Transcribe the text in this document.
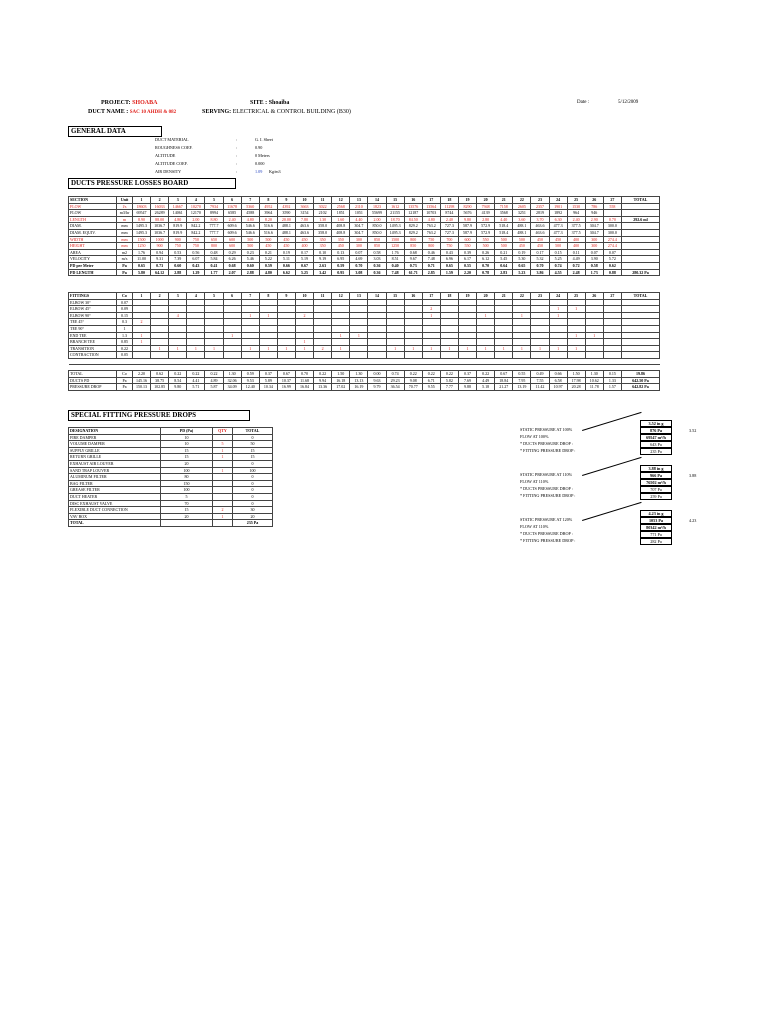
PROJECT: SHOABA
DUCT NAME : SAC 10 AHDH & 082
SITE : Shoaiba
SERVING: ELECTRICAL & CONTROL BUILDING (B30)
Date :	5/12/2009
GENERAL DATA
DUCT MATERIAL	:	G. I. Sheet
ROUGHNESS COEF.	:	0.90
ALTITUDE	:	0 Meters
ALTITUDE COEF.	:	0.000
AIR DENSITY	:	1.09 Kg/m3
DUCTS PRESSURE LOSSES BOARD
SECTION	Unit	1	2	3	4	5	6	7	8	9	10	11	12	13	14	15	16	17	18	19	20	21	22	23	24	25	26	27	TOTAL
FLOW	l/s	18603	16033	14667	10270	7934	11678	5360	4952	4392	3663	3022	2568	2110	1823	1612	13576	13564	11298	8290	7948	7158	2605	2357	1901	1530	786	558	
FLOW	m3/hr	69547	26289	14061	12170	8994	6585	4588	3964	3590	3154	2102	1851	1051	55699	21155	12187	10703	8744	5676	4139	3568	3251	2819	1892	964	946		
LENGTH	m	8.90	88.00	4.80	2.00	8.80	2.40	4.80	8.20	20.00	7.80	1.30	1.60	4.40	2.00	18.70	84.50	4.80	2.40	9.80	2.80	4.40	3.60	3.70	6.30	2.40	2.90	0.70	292.6 ml
DIAM.	mm	1495.3	1036.7	819.9	842.2	777.7	609.6	546.6	516.6	488.1	463.6	358.0	408.8	304.7	850.0	1495.3	829.2	763.2	727.3	587.9	572.9	518.4	488.1	463.6	477.3	377.5	304.7	300.0	
DIAM. EQUIV.	mm	1495.3	1036.7	819.9	842.2	777.7	609.6	546.6	516.6	488.1	463.6	358.0	408.8	304.7	850.0	1495.3	829.2	763.2	727.3	587.9	572.9	518.4	488.1	463.6	477.3	377.5	304.7	300.0	
WIDTH	mm	1500	1000	900	750	650	600	500	500	450	450	350	350	300	850	1500	800	750	700	600	550	500	500	450	450	400	300	274.4	
HEIGHT	mm	1250	900	750	750	800	600	500	450	450	400	350	450	300	850	1250	850	800	750	550	500	500	450	450	500	400	300	274.4	
AREA	m2	1.76	0.94	0.53	0.56	0.48	0.29	0.23	0.21	0.19	0.17	0.10	0.13	0.07	0.58	1.76	0.68	0.46	0.43	0.39	0.26	0.21	0.19	0.17	0.15	0.11	0.07	0.07	
VELOCITY	m/s	11.00	9.31	7.39	6.07	5.84	6.26	5.46	5.22	5.11	5.19	9.19	6.95	4.69	3.03	8.51	9.67	7.48	6.96	6.17	6.12	5.45	5.30	5.32	5.25	4.49	3.90	5.72	
PD per Meter	Pa	0.65	0.73	0.60	0.43	0.41	0.68	0.60	0.59	0.66	0.67	2.63	0.59	0.70	0.36	0.40	0.73	0.71	0.65	0.55	0.70	0.64	0.65	0.70	0.74	0.72	0.58	0.62	
PD LENGTH	Pa	5.80	64.12	2.88	1.29	1.77	2.07	2.88	4.80	6.62	5.25	3.42	0.95	3.08	0.36	7.48	61.71	2.85	1.59	2.20	0.78	2.83	5.23	3.86	4.55	2.48	1.73	0.88	280.32 Pa
FITTINGS	Co	1	2	3	4	5	6	7	8	9	10	11	12	13	14	15	16	17	18	19	20	21	22	23	24	25	26	27	TOTAL
ELBOW 30°	0.07																												
ELBOW 45°	0.09																	2							1	1			
ELBOW 90°	0.15			4				1	1		2							1			1		1		1				
TEE 45°	0.3	2																											
TEE 90°	1																												
END TEE	1.3	1					1						1	1												1	1		
BRANCH TEE	0.85	1									1																		
TRANSITION	0.22		1	1	1	1		1	1	1	1	2	1			1	1	1	1	1	1	1	1	1	1	1			
CONTRACTION	0.05																												

TOTAL	Co	2.20	0.62	0.22	0.22	0.22	1.30	0.59	0.37	0.67	0.70	0.22	1.50	1.30	0.00	0.74	0.22	0.22	0.22	0.37	0.22	0.67	0.55	0.49	0.66	1.50	1.30	0.15	19.86
DUCTS PD	Pa	145.16	38.75	8.54	4.41	4.89	32.06	9.53	5.89	10.37	11.68	9.94	16.18	13.13	9.63	29.23	9.08	6.71	5.82	7.69	4.49	18.84	7.95	7.55	6.58	17.98	10.62	1.33	642.50 Pa
PRESSURE DROP	Pa	150.13	102.85	9.80	5.71	5.87	34.09	12.40	10.34	16.99	16.84	13.36	17.02	16.19	9.79	36.54	70.77	9.55	7.77	9.88	5.18	21.27	13.19	11.42	10.97	20.28	11.78	1.57	642.82 Pa
SPECIAL FITTING PRESSURE DROPS
DESIGNATION	PD (Pa)	QTY	TOTAL
FIRE DAMPER	10		0
VOLUME DAMPER	10	5	50
SUPPLY GRILLE	15	1	15
RETURN GRILLE	15	1	15
EXHAUST AIR LOUVER	20		0
SAND TRAP LOUVER	100	1	100
ALUMINUM FILTER	80		0
BAG FILTER	150		0
GREASE FILTER	100		0
DUCT HEATER	5		0
DISC EXHAUST VALVE	70		0
FLEXIBLE DUCT CONNECTION	15	2	30
VAV BOX	20	1	20
TOTAL			235 Pa
3.52 in g
STATIC PRESSURE AT 100%	876 Pa
FLOW AT 100%	69547 m³/h
* DUCTS PRESSURE DROP :	643 Pa
* FITTING PRESSURE DROP :	235 Pa
3.52
3.88 in g
STATIC PRESSURE AT 110%	966 Pa
FLOW AT 110%	76502 m³/h
* DUCTS PRESSURE DROP :	707 Pa
* FITTING PRESSURE DROP :	259 Pa
3.88
4.23 in g
STATIC PRESSURE AT 120%	1053 Pa
FLOW AT 110%	80342 m³/h
* DUCTS PRESSURE DROP :	771 Pa
* FITTING PRESSURE DROP :	282 Pa
4.23
